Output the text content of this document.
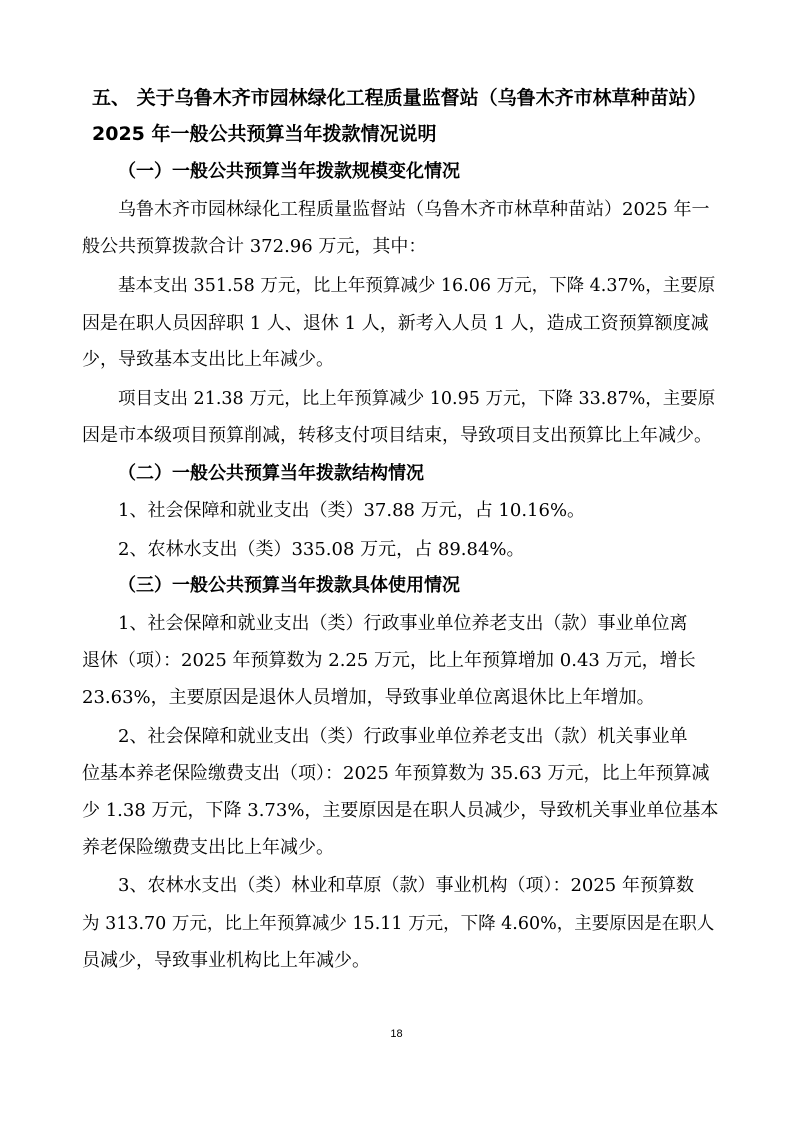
五、 关于乌鲁木齐市园林绿化工程质量监督站（乌鲁木齐市林草种苗站）

2025 年一般公共预算当年拨款情况说明

（一）一般公共预算当年拨款规模变化情况

乌鲁木齐市园林绿化工程质量监督站（乌鲁木齐市林草种苗站）2025 年一

般公共预算拨款合计 372.96 万元，其中：

基本支出 351.58 万元，比上年预算减少 16.06 万元，下降 4.37%，主要原

因是在职人员因辞职 1 人、退休 1 人，新考入人员 1 人，造成工资预算额度减

少，导致基本支出比上年减少。

项目支出 21.38 万元，比上年预算减少 10.95 万元，下降 33.87%，主要原

因是市本级项目预算削减，转移支付项目结束，导致项目支出预算比上年减少。

（二）一般公共预算当年拨款结构情况

1、社会保障和就业支出（类）37.88 万元，占 10.16%。

2、农林水支出（类）335.08 万元，占 89.84%。

（三）一般公共预算当年拨款具体使用情况

1、社会保障和就业支出（类）行政事业单位养老支出（款）事业单位离

退休（项）：2025 年预算数为 2.25 万元，比上年预算增加 0.43 万元，增长

23.63%，主要原因是退休人员增加，导致事业单位离退休比上年增加。

2、社会保障和就业支出（类）行政事业单位养老支出（款）机关事业单

位基本养老保险缴费支出（项）：2025 年预算数为 35.63 万元，比上年预算减

少 1.38 万元，下降 3.73%，主要原因是在职人员减少，导致机关事业单位基本

养老保险缴费支出比上年减少。

3、农林水支出（类）林业和草原（款）事业机构（项）：2025 年预算数

为 313.70 万元，比上年预算减少 15.11 万元，下降 4.60%，主要原因是在职人

员减少，导致事业机构比上年减少。

18
